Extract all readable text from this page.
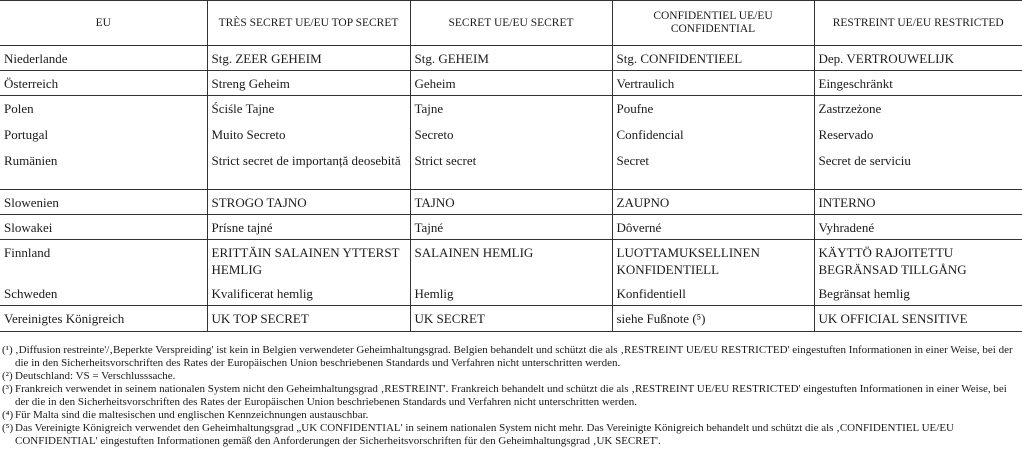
EU	TRÈS SECRET UE/EU TOP SECRET	SECRET UE/EU SECRET	CONFIDENTIEL UE/EU CONFIDENTIAL	RESTREINT UE/EU RESTRICTED
Niederlande	Stg. ZEER GEHEIM	Stg. GEHEIM	Stg. CONFIDENTIEEL	Dep. VERTROUWELIJK
Österreich	Streng Geheim	Geheim	Vertraulich	Eingeschränkt
Polen	Ściśle Tajne	Tajne	Poufne	Zastrzeżone
Portugal	Muito Secreto	Secreto	Confidencial	Reservado
Rumänien	Strict secret de importanță deosebită	Strict secret	Secret	Secret de serviciu
Slowenien	STROGO TAJNO	TAJNO	ZAUPNO	INTERNO
Slowakei	Prísne tajné	Tajné	Dôverné	Vyhradené
Finnland	ERITTÄIN SALAINEN YTTERST HEMLIG	SALAINEN HEMLIG	LUOTTAMUKSELLINEN KONFIDENTIELL	KÄYTTÖ RAJOITETTU BEGRÄNSAD TILLGÅNG
Schweden	Kvalificerat hemlig	Hemlig	Konfidentiell	Begränsat hemlig
Vereinigtes Königreich	UK TOP SECRET	UK SECRET	siehe Fußnote (⁵)	UK OFFICIAL SENSITIVE
(¹) ‚Diffusion restreinte'/‚Beperkte Verspreiding' ist kein in Belgien verwendeter Geheimhaltungsgrad. Belgien behandelt und schützt die als ‚RESTREINT UE/EU RESTRICTED' eingestuften Informationen in einer Weise, bei der die in den Sicherheitsvorschriften des Rates der Europäischen Union beschriebenen Standards und Verfahren nicht unterschritten werden.
(²) Deutschland: VS = Verschlusssache.
(³) Frankreich verwendet in seinem nationalen System nicht den Geheimhaltungsgrad ‚RESTREINT'. Frankreich behandelt und schützt die als ‚RESTREINT UE/EU RESTRICTED' eingestuften Informationen in einer Weise, bei der die in den Sicherheitsvorschriften des Rates der Europäischen Union beschriebenen Standards und Verfahren nicht unterschritten werden.
(⁴) Für Malta sind die maltesischen und englischen Kennzeichnungen austauschbar.
(⁵) Das Vereinigte Königreich verwendet den Geheimhaltungsgrad „UK CONFIDENTIAL' in seinem nationalen System nicht mehr. Das Vereinigte Königreich behandelt und schützt die als ‚CONFIDENTIEL UE/EU CONFIDENTIAL' eingestuften Informationen gemäß den Anforderungen der Sicherheitsvorschriften für den Geheimhaltungsgrad ‚UK SECRET'.
